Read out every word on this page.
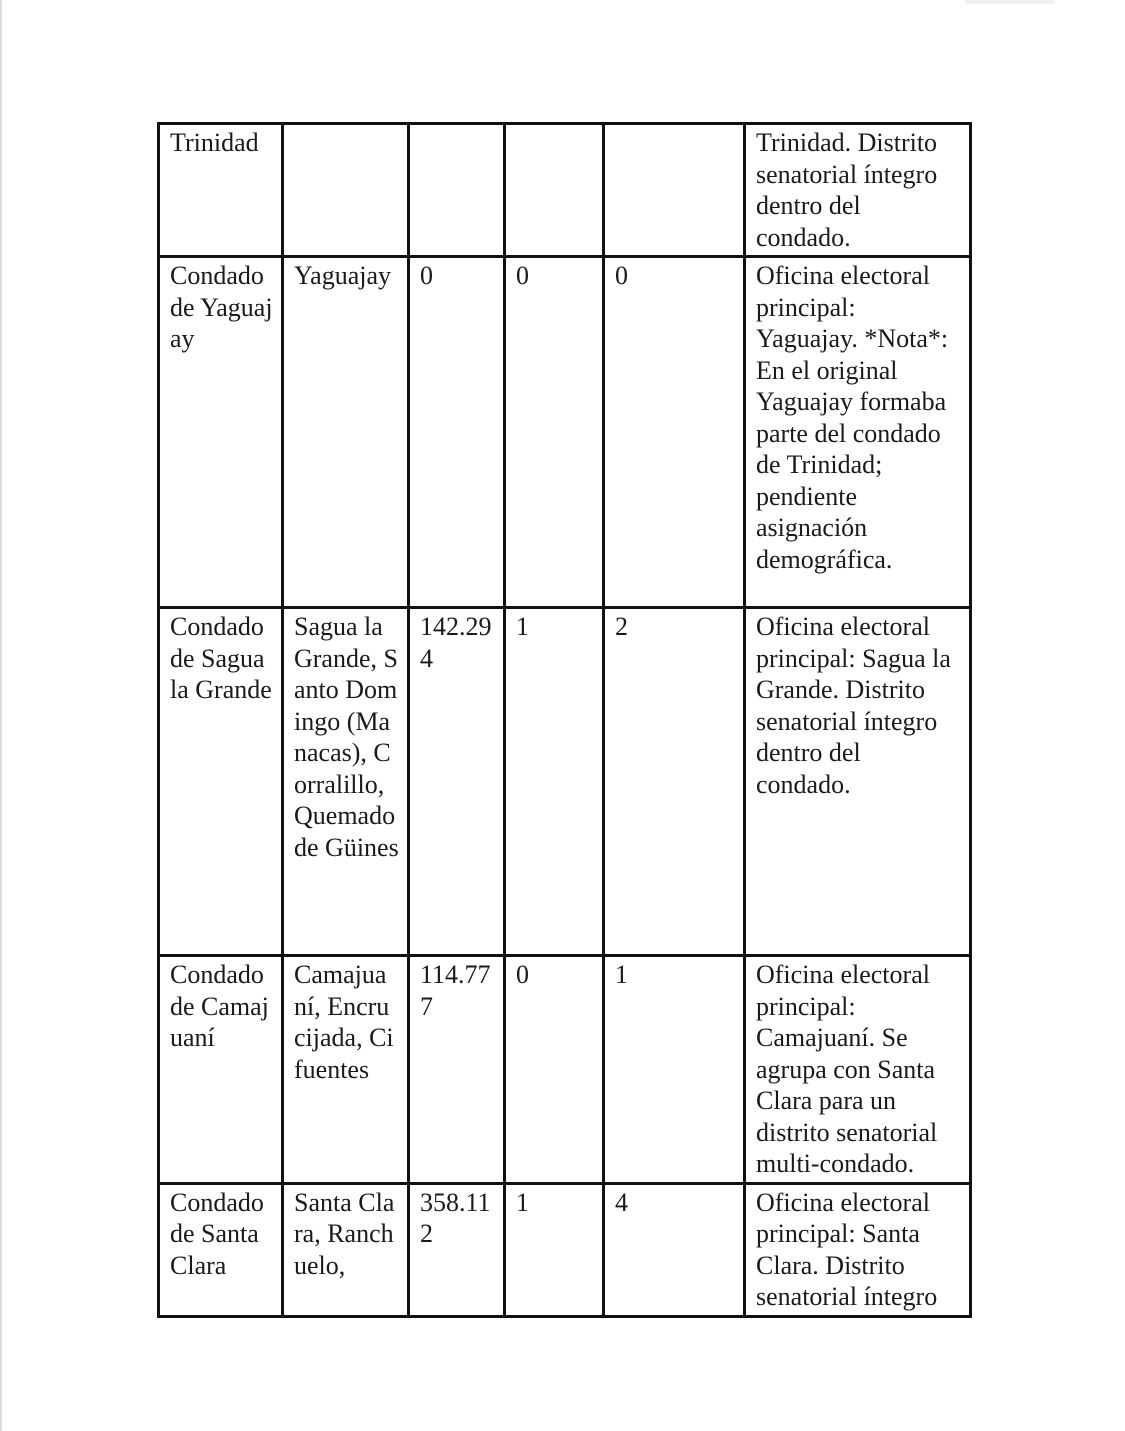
Trinidad					Trinidad. Distrito senatorial íntegro dentro del condado.
Condado de Yaguajay	Yaguajay	0	0	0	Oficina electoral principal: Yaguajay. *Nota*: En el original Yaguajay formaba parte del condado de Trinidad; pendiente asignación demográfica.
Condado de Sagua la Grande	Sagua la Grande, Santo Domingo (Manacas), Corralillo, Quemado de Güines	142.294	1	2	Oficina electoral principal: Sagua la Grande. Distrito senatorial íntegro dentro del condado.
Condado de Camajuaní	Camajuaní, Encrucijada, Cifuentes	114.777	0	1	Oficina electoral principal: Camajuaní. Se agrupa con Santa Clara para un distrito senatorial multi-condado.
Condado de Santa Clara	Santa Clara, Ranchuelo,	358.112	1	4	Oficina electoral principal: Santa Clara. Distrito senatorial íntegro
